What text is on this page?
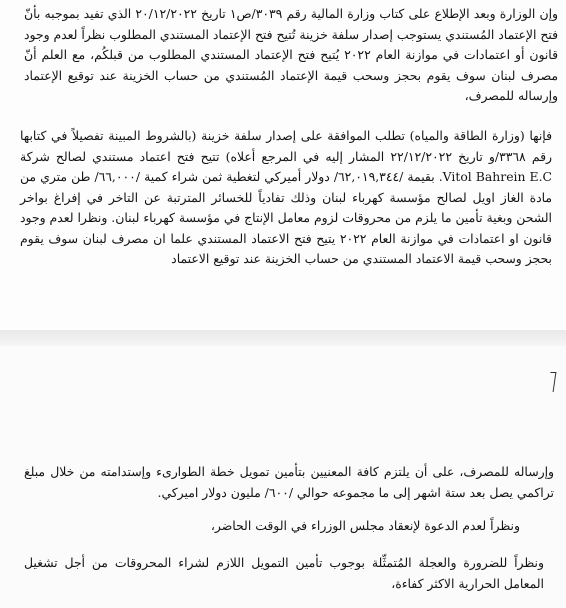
وإن الوزارة وبعد الإطلاع على كتاب وزارة المالية رقم ٣٠٣٩/ص١ تاريخ ٢٠/١٢/٢٠٢٢ الذي تفيد بموجبه بأنّ فتح الإعتماد المُستندي يستوجب إصدار سلفة خزينة تُتيح فتح الإعتماد المستندي المطلوب نظراً لعدم وجود قانون أو اعتمادات في موازنة العام ٢٠٢٢ يُتيح فتح الإعتماد المستندي المطلوب من قبلكُم، مع العلم أنّ مصرف لبنان سوف يقوم بحجز وسحب قيمة الإعتماد المُستندي من حساب الخزينة عند توقيع الإعتماد وإرساله للمصرف،

فإنها (وزارة الطاقة والمياه) تطلب الموافقة على إصدار سلفة خزينة (بالشروط المبينة تفصيلاً في كتابها رقم ٣٣٦٨/و تاريخ ٢٢/١٢/٢٠٢٢ المشار إليه في المرجع أعلاه) تتيح فتح اعتماد مستندي لصالح شركة Vitol Bahrein E.C. بقيمة /٦٢,٠١٩,٣٤٤/ دولار أميركي لتغطية ثمن شراء كمية /٦٦,٠٠٠/ طن متري من مادة الغاز اويل لصالح مؤسسة كهرباء لبنان وذلك تفادياً للخسائر المترتبة عن التاخر في إفراغ بواخر الشحن وبغية تأمين ما يلزم من محروقات لزوم معامل الإنتاج في مؤسسة كهرباء لبنان. ونظرا لعدم وجود قانون او اعتمادات في موازنة العام ٢٠٢٢ يتيح فتح الاعتماد المستندي علما ان مصرف لبنان سوف يقوم بحجز وسحب قيمة الاعتماد المستندي من حساب الخزينة عند توقيع الاعتماد

وإرساله للمصرف، على أن يلتزم كافة المعنيين بتأمين تمويل خطة الطوارىء وإستدامته من خلال مبلغ تراكمي يصل بعد ستة اشهر إلى ما مجموعه حوالي /٦٠٠/ مليون دولار اميركي.

ونظراً لعدم الدعوة لإنعقاد مجلس الوزراء في الوقت الحاضر،

ونظراً للضرورة والعجلة المُتمثِّلة بوجوب تأمين التمويل اللازم لشراء المحروقات من أجل تشغيل المعامل الحرارية الاكثر كفاءة،
